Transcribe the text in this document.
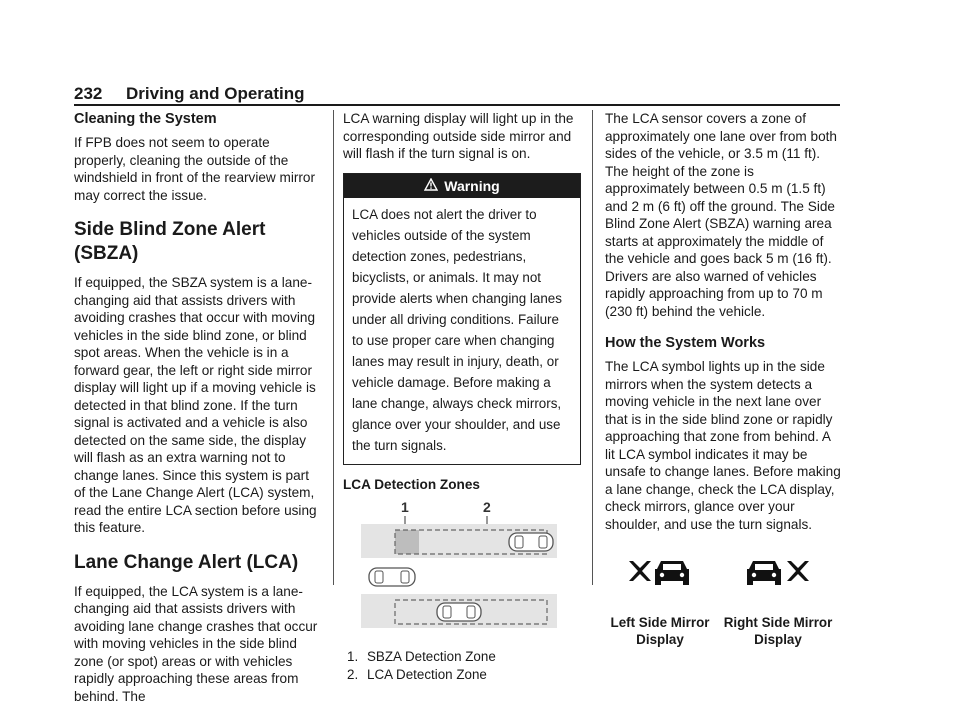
232 Driving and Operating
Cleaning the System

If FPB does not seem to operate properly, cleaning the outside of the windshield in front of the rearview mirror may correct the issue.

Side Blind Zone Alert (SBZA)

If equipped, the SBZA system is a lane-changing aid that assists drivers with avoiding crashes that occur with moving vehicles in the side blind zone, or blind spot areas. When the vehicle is in a forward gear, the left or right side mirror display will light up if a moving vehicle is detected in that blind zone. If the turn signal is activated and a vehicle is also detected on the same side, the display will flash as an extra warning not to change lanes. Since this system is part of the Lane Change Alert (LCA) system, read the entire LCA section before using this feature.

Lane Change Alert (LCA)

If equipped, the LCA system is a lane-changing aid that assists drivers with avoiding lane change crashes that occur with moving vehicles in the side blind zone (or spot) areas or with vehicles rapidly approaching these areas from behind. The

LCA warning display will light up in the corresponding outside side mirror and will flash if the turn signal is on.

Warning

LCA does not alert the driver to vehicles outside of the system detection zones, pedestrians, bicyclists, or animals. It may not provide alerts when changing lanes under all driving conditions. Failure to use proper care when changing lanes may result in injury, death, or vehicle damage. Before making a lane change, always check mirrors, glance over your shoulder, and use the turn signals.

LCA Detection Zones
1	2
1. SBZA Detection Zone
2. LCA Detection Zone

The LCA sensor covers a zone of approximately one lane over from both sides of the vehicle, or 3.5 m (11 ft). The height of the zone is approximately between 0.5 m (1.5 ft) and 2 m (6 ft) off the ground. The Side Blind Zone Alert (SBZA) warning area starts at approximately the middle of the vehicle and goes back 5 m (16 ft). Drivers are also warned of vehicles rapidly approaching from up to 70 m (230 ft) behind the vehicle.

How the System Works

The LCA symbol lights up in the side mirrors when the system detects a moving vehicle in the next lane over that is in the side blind zone or rapidly approaching that zone from behind. A lit LCA symbol indicates it may be unsafe to change lanes. Before making a lane change, check the LCA display, check mirrors, glance over your shoulder, and use the turn signals.

Left Side Mirror Display
Right Side Mirror Display
